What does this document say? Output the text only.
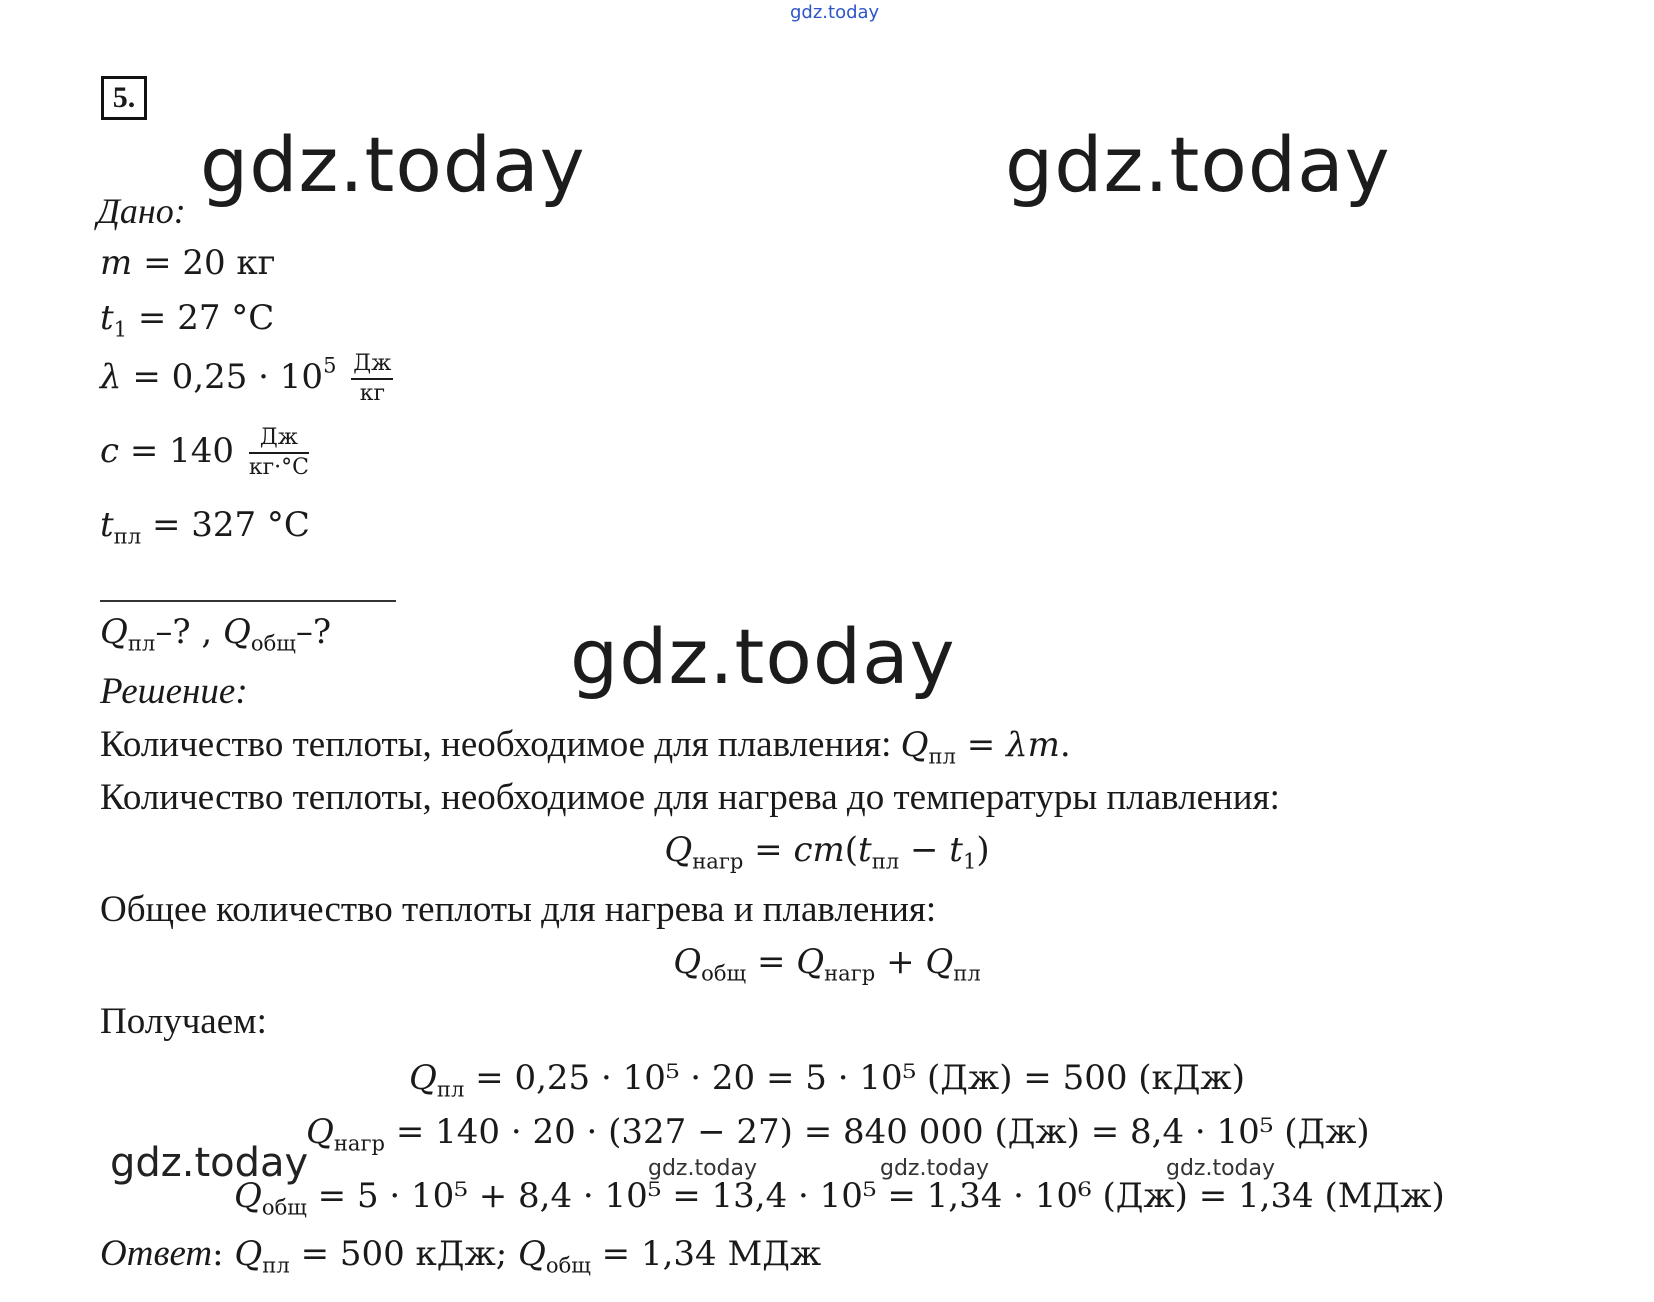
gdz.today
gdz.today	gdz.today
gdz.today
gdz.today	gdz.today	gdz.today	gdz.today
5.
Дано:
m = 20 кг
$t_1 = 27$ °С
$\lambda = 0,25 \cdot 10^5 \frac{Дж}{кг}$
$c = 140 \frac{Дж}{кг\cdot^\circ С}$
$t_{пл} = 327$ °С
$Q_{пл}-$? , $Q_{общ}-$?
Решение:
Количество теплоты, необходимое для плавления: $Q_{пл} = \lambda m$.
Количество теплоты, необходимое для нагрева до температуры плавления:
$Q_{нагр} = cm(t_{пл} - t_1)$
Общее количество теплоты для нагрева и плавления:
$Q_{общ} = Q_{нагр} + Q_{пл}$
Получаем:
$Q_{пл} = 0,25 \cdot 10^5 \cdot 20 = 5 \cdot 10^5$ (Дж) = 500 (кДж)
$Q_{нагр} = 140 \cdot 20 \cdot (327 - 27) = 840$ 000 (Дж) = 8,4 · 10⁵ (Дж)
$Q_{общ} = 5 \cdot 10^5 + 8,4 \cdot 10^5 = 13,4 \cdot 10^5 = 1,34 \cdot 10^6$ (Дж) = 1,34 (МДж)
Ответ: $Q_{пл} = 500$ кДж; $Q_{общ} = 1,34$ МДж
